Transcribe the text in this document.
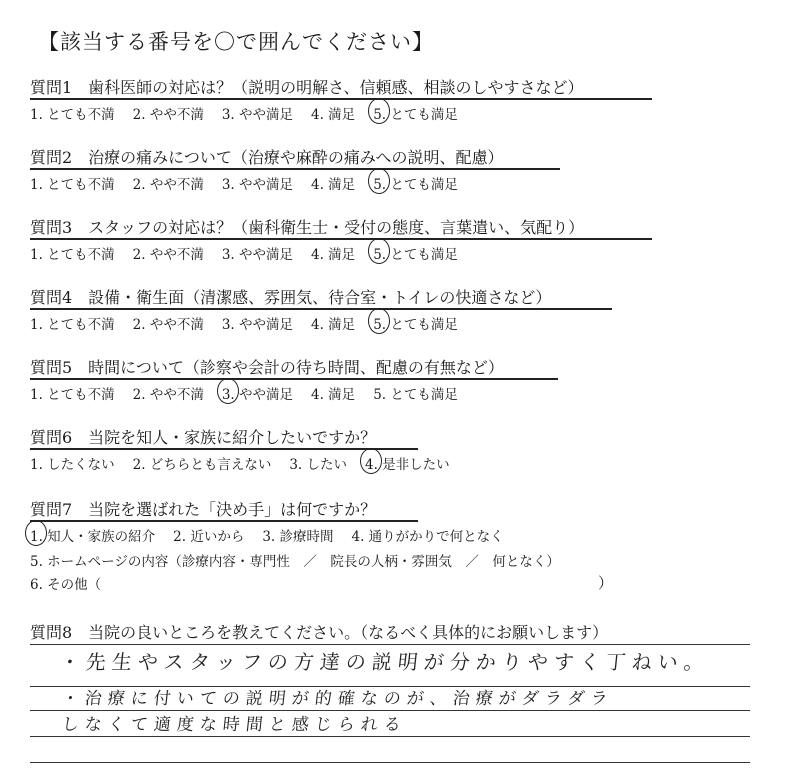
【該当する番号を〇で囲んでください】
質問1　歯科医師の対応は？（説明の明解さ、信頼感、相談のしやすさなど）
1. とても不満 2. やや不満 3. やや満足 4. 満足 5. とても満足
質問2　治療の痛みについて（治療や麻酔の痛みへの説明、配慮）
1. とても不満 2. やや不満 3. やや満足 4. 満足 5. とても満足
質問3　スタッフの対応は？（歯科衛生士・受付の態度、言葉遣い、気配り）
1. とても不満 2. やや不満 3. やや満足 4. 満足 5. とても満足
質問4　設備・衛生面（清潔感、雰囲気、待合室・トイレの快適さなど）
1. とても不満 2. やや不満 3. やや満足 4. 満足 5. とても満足
質問5　時間について（診察や会計の待ち時間、配慮の有無など）
1. とても不満 2. やや不満 3. やや満足 4. 満足 5. とても満足
質問6　当院を知人・家族に紹介したいですか？
1. したくない 2. どちらとも言えない 3. したい 4. 是非したい
質問7　当院を選ばれた「決め手」は何ですか？
1. 知人・家族の紹介 2. 近いから 3. 診療時間 4. 通りがかりで何となく
5. ホームページの内容（診療内容・専門性　／　院長の人柄・雰囲気　／　何となく）
6. その他（	）
質問8　当院の良いところを教えてください。（なるべく具体的にお願いします）
・先生やスタッフの方達の説明が分かりやすく丁ねい。
・治療に付いての説明が的確なのが、治療がダラダラ
しなくて適度な時間と感じられる
